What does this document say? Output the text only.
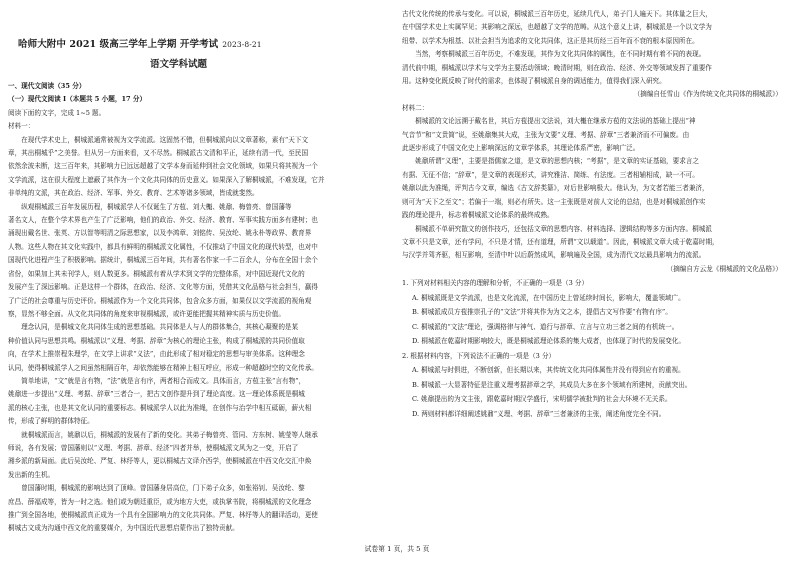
哈师大附中 2021 级高三学年上学期 开学考试 2023-8-21
语文学科试题
一、现代文阅读（35 分）
（一）现代文阅读 I（本题共 5 小题，17 分）
阅读下面的文字，完成 1~5 题。
材料一：
　　在现代学术史上，桐城派通常被视为文学流派。这固然不错，但桐城派向以文章著称，素有“天下文
章，其出桐城乎”之美誉。但从另一方面来看，又不尽然。桐城派古文清和平正，延续有清一代，至民国
依然余波未断，这三百年来，其影响力已远远超越了文学本身而延伸到社会文化领域，如果只将其视为一个
文学流派，这在很大程度上遮蔽了其作为一个文化共同体的历史意义。如果深入了解桐城派，不难发现，它并
非单纯的文派，其在政治、经济、军事、外交、教育、艺术等诸多领域，皆成就斐然。
　　纵观桐城派三百年发展历程，桐城派学人不仅诞生了方苞、刘大櫆、姚鼐、梅曾亮、曾国藩等
著名文人，在整个学术界也产生了广泛影响，他们的政治、外交、经济、教育、军事实践方面多有建树；也
涌现出戴名世、张英、方以智等明清之际思想家，以及李鸿章、刘铭传、吴汝纶、姚永朴等政界、教育界
人物。这些人物在其文化实践中，都具有鲜明的桐城派文化属性，不仅推动了中国文化的现代转型，也对中
国现代化进程产生了积极影响。据统计，桐城派三百年间，共有著名作家一千二百余人，分布在全国十余个
省份，如果加上其未刊学人，则人数更多。桐城派有着从学术到文学的完整体系，对中国近现代文化的
发展产生了深远影响。正是这样一个群体，在政治、经济、文化等方面，凭借其文化品格与社会担当，赢得
了广泛的社会尊重与历史评价。桐城派作为一个文化共同体，包含众多方面，如果仅以文学流派的视角观
察，显然不够全面。从文化共同体的角度来审视桐城派，或许更能把握其精神实质与历史价值。
　　理念认同，是桐城文化共同体生成的思想基础。共同体是人与人的群体集合，其核心凝聚的是某
种价值认同与思想共鸣。桐城派以“义理、考据、辞章”为核心的理论主张，构成了桐城派的共同价值取
向，在学术上推崇程朱理学，在文学上讲求“义法”，由此形成了相对稳定的思想与审美体系。这种理念
认同，使得桐城派学人之间虽然相隔百年，却依然能够在精神上相互呼应，形成一种超越时空的文化传承。
　　简单地讲，“文”就是言有物，“法”就是言有序，两者相合而成文。具体而言，方苞主张“言有物”，
姚鼐进一步提出“义理、考据、辞章”三者合一，把古文创作提升到了理论高度。这一理论体系既是桐城
派的核心主张，也是其文化认同的重要标志。桐城派学人以此为准绳，在创作与治学中相互砥砺，薪火相
传，形成了鲜明的群体特征。
　　就桐城派而言，姚鼐以后，桐城派的发展有了新的变化。其弟子梅曾亮、管同、方东树、姚莹等人继承
师说，各有发展；曾国藩则以“义理、考据、辞章、经济”四者并举，使桐城派文风为之一变，开启了
湘乡派的新局面。此后吴汝纶、严复、林纾等人，更以桐城古文译介西学，使桐城派在中西文化交汇中焕
发出新的生机。
　　曾国藩时期，桐城派的影响达到了顶峰。曾国藩身居高位，门下弟子众多，如张裕钊、吴汝纶、黎
庶昌、薛福成等，皆为一时之选。他们或为朝廷重臣，或为地方大吏，或执掌书院，将桐城派的文化理念
推广到全国各地，使桐城派真正成为一个具有全国影响力的文化共同体。严复、林纾等人的翻译活动，更使
桐城古文成为沟通中西文化的重要媒介，为中国近代思想启蒙作出了独特贡献。
古代文化传统的传承与变化。可以说，桐城派三百年历史，延续几代人，弟子门人遍天下。其体量之巨大，
在中国学术史上实属罕见；其影响之深远，也超越了文学的范畴。从这个意义上讲，桐城派是一个以文学为
纽带、以学术为根基、以社会担当为追求的文化共同体，这正是其历经三百年而不衰的根本原因所在。
　　当然，考察桐城派三百年历史，不难发现，其作为文化共同体的属性，在不同时期有着不同的表现。
清代前中期，桐城派以学术与文学为主要活动领域；晚清时期，则在政治、经济、外交等领域发挥了重要作
用。这种变化既反映了时代的需求，也体现了桐城派自身的调适能力，值得我们深入研究。
（摘编自任雪山《作为传统文化共同体的桐城派》）
材料二：
　　桐城派的文论远溯于戴名世，其后方苞提出文法说，刘大櫆在继承方苞的文法说的基础上提出“神
气音节”和“文贵简”说，至姚鼐集其大成，主张为文要“义理、考据、辞章”三者兼济而不可偏废。由
此逐步形成了中国文化史上影响深远的文章学体系，其理论体系严密，影响广泛。
　　姚鼐所谓“义理”，主要是指儒家之道，是文章的思想内核；“考据”，是文章的实证基础，要求言之
有据、无征不信；“辞章”，是文章的表现形式，讲究雅洁、简练、有法度。三者相辅相成，缺一不可。
姚鼐以此为准绳，评判古今文章，编选《古文辞类纂》，对后世影响极大。他认为，为文者若能三者兼济，
则可为“天下之至文”；若偏于一端，则必有所失。这一主张既是对前人文论的总结，也是对桐城派创作实
践的理论提升，标志着桐城派文论体系的最终成熟。
　　桐城派不单研究散文的创作技巧，还包括文章的思想内容、材料选择、逻辑结构等多方面内容。桐城派
文章不只是文章，还有学问，不只是才情，还有道理，所谓“文以载道”。因此，桐城派文章大成于乾嘉时期，
与汉学并驾齐驱，相互影响，至清中叶以后蔚然成风，影响遍及全国，成为清代文坛最具影响力的流派。
（摘编自方云龙《桐城派的文化品格》）
1. 下列对材料相关内容的理解和分析，不正确的一项是（3 分）
A. 桐城派既是文学流派，也是文化流派，在中国历史上曾延续时间长，影响大，覆盖领域广。
B. 桐城派成员方苞推崇孔子的“文法”并将其作为为文之本，提倡古文写作要“有物有序”。
C. 桐城派的“文法”理论，强调格律与神气、道行与辞章、立言与立功三者之间的有机统一。
D. 桐城派在乾嘉时期影响较大，既是桐城派理论体系的集大成者，也体现了时代的发展变化。
2. 根据材料内容，下列说法不正确的一项是（3 分）
A. 桐城派与时俱进，不断创新，但长期以来，其传统文化共同体属性并没有得到应有的重视。
B. 桐城派一大显著特征是注重义理考据辞章之学，其成员大多在多个领域有所建树，贡献突出。
C. 姚鼐提出的为文主张，跟乾嘉时期汉学盛行，宋明儒学被批判的社会大环境不无关系。
D. 两则材料都详细阐述姚鼐“义理、考据、辞章”三者兼济的主张，阐述角度完全不同。
试卷第 1 页，共 5 页
